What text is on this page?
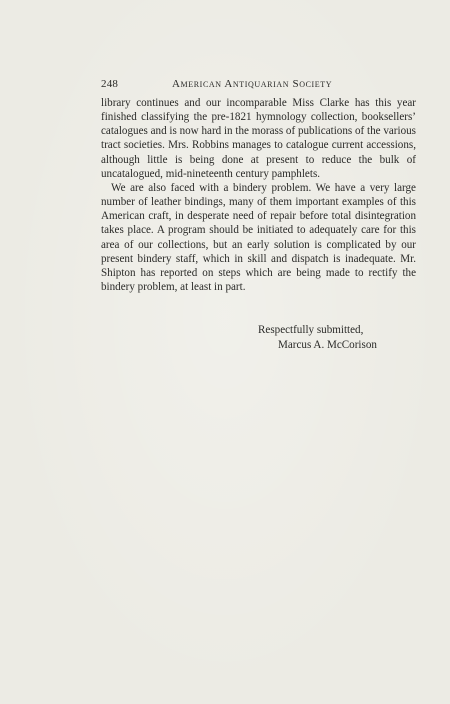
248	American Antiquarian Society

library continues and our incomparable Miss Clarke has this year finished classifying the pre-1821 hymnology collection, booksellers’ catalogues and is now hard in the morass of publications of the various tract societies. Mrs. Robbins manages to catalogue current accessions, although little is being done at present to reduce the bulk of uncatalogued, mid-nineteenth century pamphlets.

We are also faced with a bindery problem. We have a very large number of leather bindings, many of them important examples of this American craft, in desperate need of repair before total disintegration takes place. A program should be initiated to adequately care for this area of our collections, but an early solution is complicated by our present bindery staff, which in skill and dispatch is inadequate. Mr. Shipton has reported on steps which are being made to rectify the bindery problem, at least in part.

Respectfully submitted,
Marcus A. McCorison
